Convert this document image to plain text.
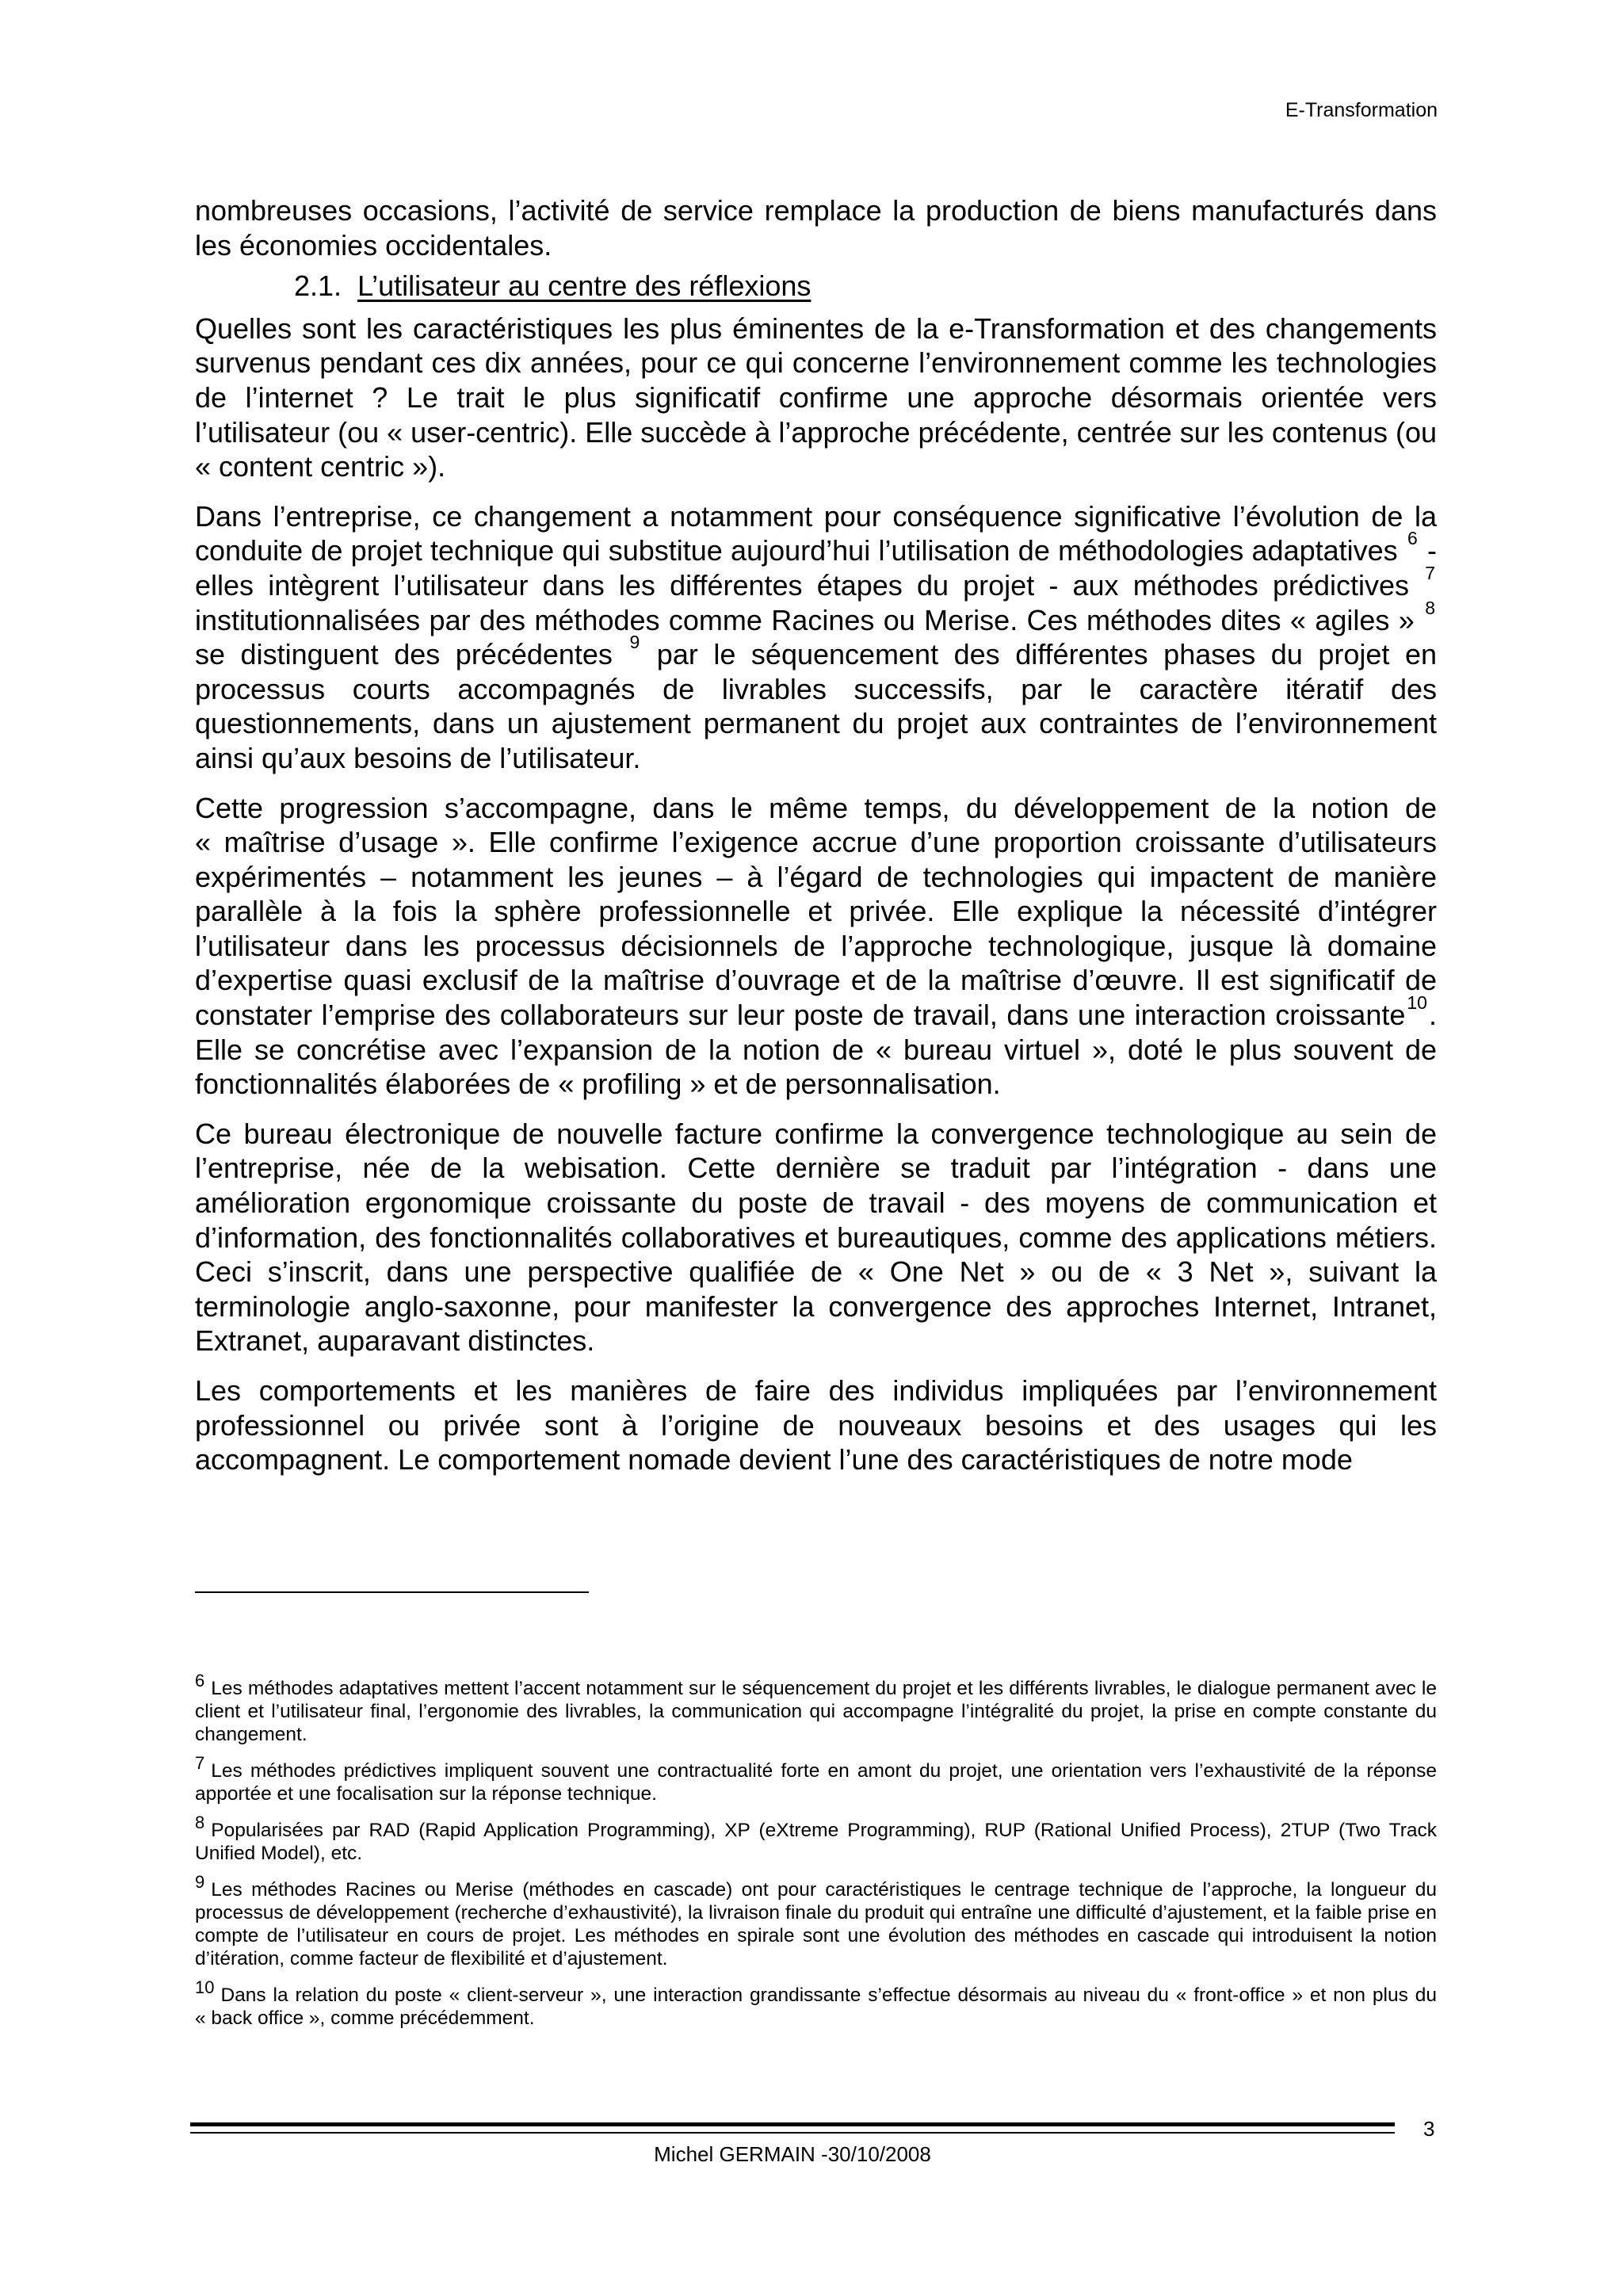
E-Transformation

nombreuses occasions, l’activité de service remplace la production de biens manufacturés dans les économies occidentales.

2.1. L’utilisateur au centre des réflexions

Quelles sont les caractéristiques les plus éminentes de la e-Transformation et des changements survenus pendant ces dix années, pour ce qui concerne l’environnement comme les technologies de l’internet ? Le trait le plus significatif confirme une approche désormais orientée vers l’utilisateur (ou « user-centric). Elle succède à l’approche précédente, centrée sur les contenus (ou « content centric »).

Dans l’entreprise, ce changement a notamment pour conséquence significative l’évolution de la conduite de projet technique qui substitue aujourd’hui l’utilisation de méthodologies adaptatives $^6$ - elles intègrent l’utilisateur dans les différentes étapes du projet - aux méthodes prédictives $^7$ institutionnalisées par des méthodes comme Racines ou Merise. Ces méthodes dites « agiles » $^8$ se distinguent des précédentes $^9$ par le séquencement des différentes phases du projet en processus courts accompagnés de livrables successifs, par le caractère itératif des questionnements, dans un ajustement permanent du projet aux contraintes de l’environnement ainsi qu’aux besoins de l’utilisateur.

Cette progression s’accompagne, dans le même temps, du développement de la notion de « maîtrise d’usage ». Elle confirme l’exigence accrue d’une proportion croissante d’utilisateurs expérimentés – notamment les jeunes – à l’égard de technologies qui impactent de manière parallèle à la fois la sphère professionnelle et privée. Elle explique la nécessité d’intégrer l’utilisateur dans les processus décisionnels de l’approche technologique, jusque là domaine d’expertise quasi exclusif de la maîtrise d’ouvrage et de la maîtrise d’œuvre. Il est significatif de constater l’emprise des collaborateurs sur leur poste de travail, dans une interaction croissante$^{10}$. Elle se concrétise avec l’expansion de la notion de « bureau virtuel », doté le plus souvent de fonctionnalités élaborées de « profiling » et de personnalisation.

Ce bureau électronique de nouvelle facture confirme la convergence technologique au sein de l’entreprise, née de la webisation. Cette dernière se traduit par l’intégration - dans une amélioration ergonomique croissante du poste de travail - des moyens de communication et d’information, des fonctionnalités collaboratives et bureautiques, comme des applications métiers. Ceci s’inscrit, dans une perspective qualifiée de « One Net » ou de « 3 Net », suivant la terminologie anglo-saxonne, pour manifester la convergence des approches Internet, Intranet, Extranet, auparavant distinctes.

Les comportements et les manières de faire des individus impliquées par l’environnement professionnel ou privée sont à l’origine de nouveaux besoins et des usages qui les accompagnent. Le comportement nomade devient l’une des caractéristiques de notre mode

$^6$ Les méthodes adaptatives mettent l’accent notamment sur le séquencement du projet et les différents livrables, le dialogue permanent avec le client et l’utilisateur final, l’ergonomie des livrables, la communication qui accompagne l’intégralité du projet, la prise en compte constante du changement.

$^7$ Les méthodes prédictives impliquent souvent une contractualité forte en amont du projet, une orientation vers l’exhaustivité de la réponse apportée et une focalisation sur la réponse technique.

$^8$ Popularisées par RAD (Rapid Application Programming), XP (eXtreme Programming), RUP (Rational Unified Process), 2TUP (Two Track Unified Model), etc.

$^9$ Les méthodes Racines ou Merise (méthodes en cascade) ont pour caractéristiques le centrage technique de l’approche, la longueur du processus de développement (recherche d’exhaustivité), la livraison finale du produit qui entraîne une difficulté d’ajustement, et la faible prise en compte de l’utilisateur en cours de projet. Les méthodes en spirale sont une évolution des méthodes en cascade qui introduisent la notion d’itération, comme facteur de flexibilité et d’ajustement.

$^{10}$ Dans la relation du poste « client-serveur », une interaction grandissante s’effectue désormais au niveau du « front-office » et non plus du « back office », comme précédemment.

Michel GERMAIN -30/10/2008
3
